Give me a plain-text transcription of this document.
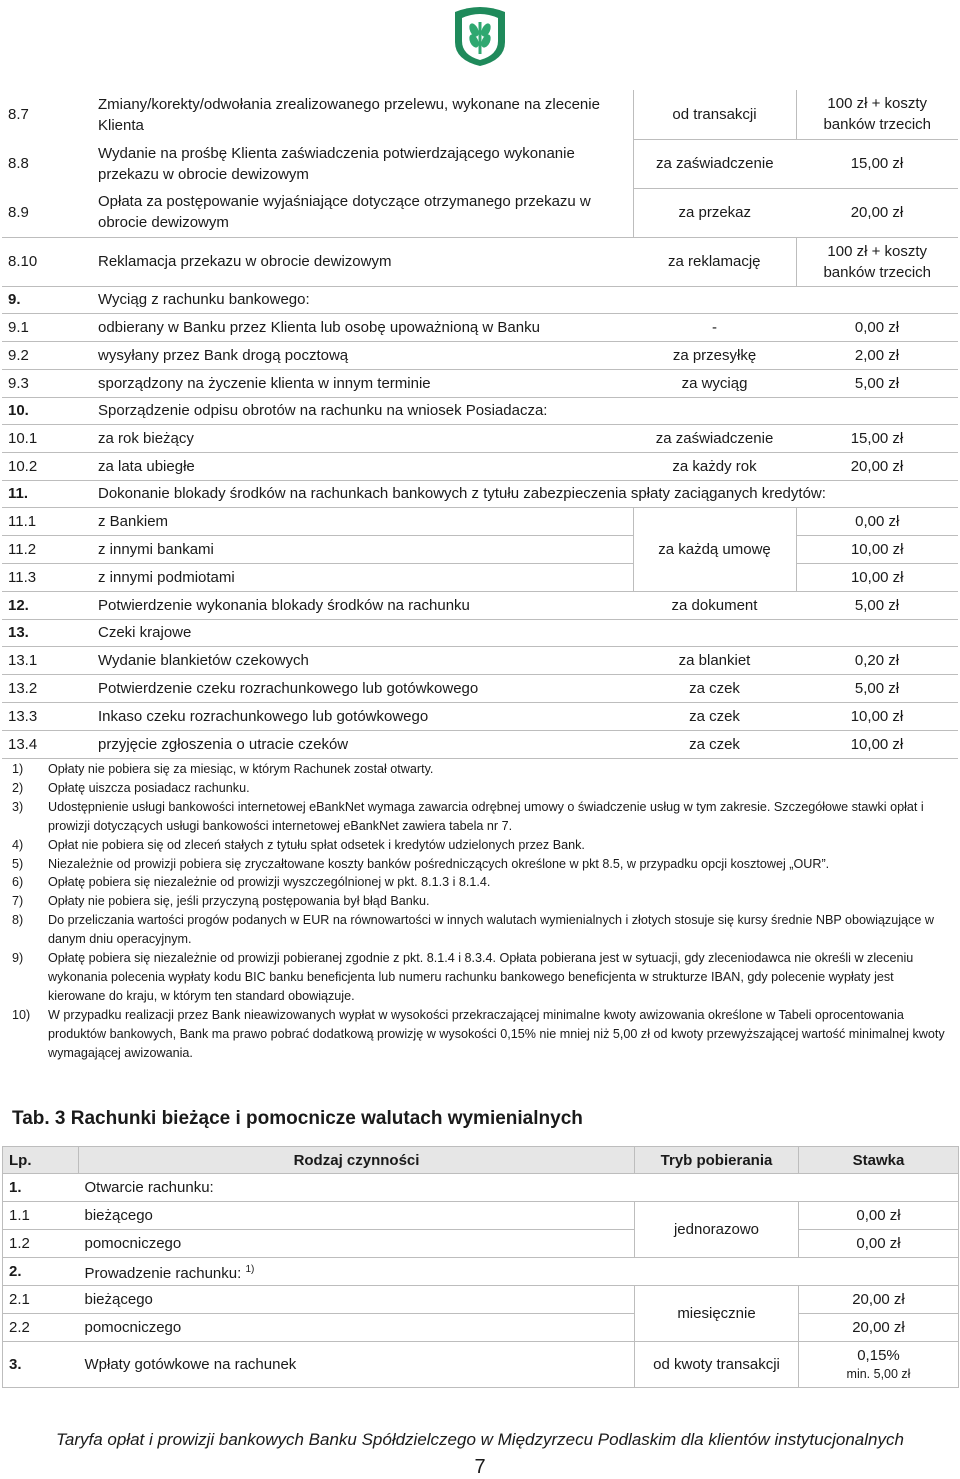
8.7	Zmiany/korekty/odwołania zrealizowanego przelewu, wykonane na zlecenie Klienta	od transakcji	100 zł + koszty banków trzecich
8.8	Wydanie na prośbę Klienta zaświadczenia potwierdzającego wykonanie przekazu w obrocie dewizowym	za zaświadczenie	15,00 zł
8.9	Opłata za postępowanie wyjaśniające dotyczące otrzymanego przekazu w obrocie dewizowym	za przekaz	20,00 zł
8.10	Reklamacja przekazu w obrocie dewizowym	za reklamację	100 zł + koszty banków trzecich
9.	Wyciąg z rachunku bankowego:		
9.1	odbierany w Banku przez Klienta lub osobę upoważnioną w Banku	-	0,00 zł
9.2	wysyłany przez Bank drogą pocztową	za przesyłkę	2,00 zł
9.3	sporządzony na życzenie klienta w innym terminie	za wyciąg	5,00 zł
10.	Sporządzenie odpisu obrotów na rachunku na wniosek Posiadacza:		
10.1	za rok bieżący	za zaświadczenie	15,00 zł
10.2	za lata ubiegłe	za każdy rok	20,00 zł
11.	Dokonanie blokady środków na rachunkach bankowych z tytułu zabezpieczenia spłaty zaciąganych kredytów:		
11.1	z Bankiem	za każdą umowę	0,00 zł
11.2	z innymi bankami		10,00 zł
11.3	z innymi podmiotami		10,00 zł
12.	Potwierdzenie wykonania blokady środków na rachunku	za dokument	5,00 zł
13.	Czeki krajowe		
13.1	Wydanie blankietów czekowych	za blankiet	0,20 zł
13.2	Potwierdzenie czeku rozrachunkowego lub gotówkowego	za czek	5,00 zł
13.3	Inkaso czeku rozrachunkowego lub gotówkowego	za czek	10,00 zł
13.4	przyjęcie zgłoszenia o utracie czeków	za czek	10,00 zł
1)	Opłaty nie pobiera się za miesiąc, w którym Rachunek został otwarty.
2)	Opłatę uiszcza posiadacz rachunku.
3)	Udostępnienie usługi bankowości internetowej eBankNet wymaga zawarcia odrębnej umowy o świadczenie usług w tym zakresie. Szczegółowe stawki opłat i prowizji dotyczących usługi bankowości internetowej eBankNet zawiera tabela nr 7.
4)	Opłat nie pobiera się od zleceń stałych z tytułu spłat odsetek i kredytów udzielonych przez Bank.
5)	Niezależnie od prowizji pobiera się zryczałtowane koszty banków pośredniczących określone w pkt 8.5, w przypadku opcji kosztowej „OUR”.
6)	Opłatę pobiera się niezależnie od prowizji wyszczególnionej w pkt. 8.1.3 i 8.1.4.
7)	Opłaty nie pobiera się, jeśli przyczyną postępowania był błąd Banku.
8)	Do przeliczania wartości progów podanych w EUR na równowartości w innych walutach wymienialnych i złotych stosuje się kursy średnie NBP obowiązujące w danym dniu operacyjnym.
9)	Opłatę pobiera się niezależnie od prowizji pobieranej zgodnie z pkt. 8.1.4 i 8.3.4. Opłata pobierana jest w sytuacji, gdy zleceniodawca nie określi w zleceniu wykonania polecenia wypłaty kodu BIC banku beneficjenta lub numeru rachunku bankowego beneficjenta w strukturze IBAN, gdy polecenie wypłaty jest kierowane do kraju, w którym ten standard obowiązuje.
10)	W przypadku realizacji przez Bank nieawizowanych wypłat w wysokości przekraczającej minimalne kwoty awizowania określone w Tabeli oprocentowania produktów bankowych, Bank ma prawo pobrać dodatkową prowizję w wysokości 0,15% nie mniej niż 5,00 zł od kwoty przewyższającej wartość minimalnej kwoty wymagającej awizowania.
Tab. 3 Rachunki bieżące i pomocnicze walutach wymienialnych
Lp.	Rodzaj czynności	Tryb pobierania	Stawka
1.	Otwarcie rachunku:		
1.1	bieżącego	jednorazowo	0,00 zł
1.2	pomocniczego		0,00 zł
2.	Prowadzenie rachunku: $^{1)}$
2.1	bieżącego	miesięcznie	20,00 zł
2.2	pomocniczego		20,00 zł
3.	Wpłaty gotówkowe na rachunek	od kwoty transakcji	0,15%
min. 5,00 zł
Taryfa opłat i prowizji bankowych Banku Spółdzielczego w Międzyrzecu Podlaskim dla klientów instytucjonalnych
7
